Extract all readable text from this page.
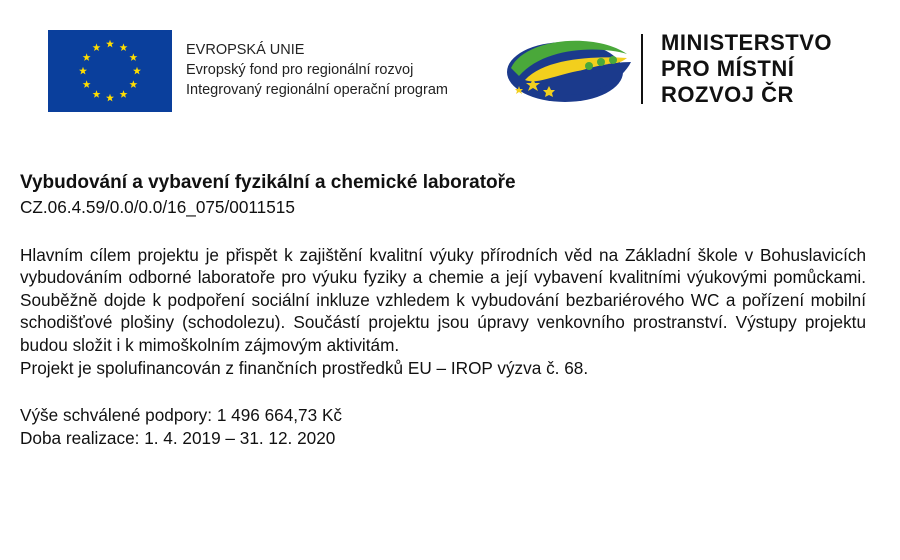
EVROPSKÁ UNIE
Evropský fond pro regionální rozvoj
Integrovaný regionální operační program
MINISTERSTVO
PRO MÍSTNÍ
ROZVOJ ČR

Vybudování a vybavení fyzikální a chemické laboratoře

CZ.06.4.59/0.0/0.0/16_075/0011515

Hlavním cílem projektu je přispět k zajištění kvalitní výuky přírodních věd na Základní škole v Bohuslavicích vybudováním odborné laboratoře pro výuku fyziky a chemie a její vybavení kvalitními výukovými pomůckami. Souběžně dojde k podpoření sociální inkluze vzhledem k vybudování bezbariérového WC a pořízení mobilní schodišťové plošiny (schodolezu). Součástí projektu jsou úpravy venkovního prostranství. Výstupy projektu budou složit i k mimoškolním zájmovým aktivitám.

Projekt je spolufinancován z finančních prostředků EU – IROP výzva č. 68.

Výše schválené podpory: 1 496 664,73 Kč
Doba realizace: 1. 4. 2019 – 31. 12. 2020
